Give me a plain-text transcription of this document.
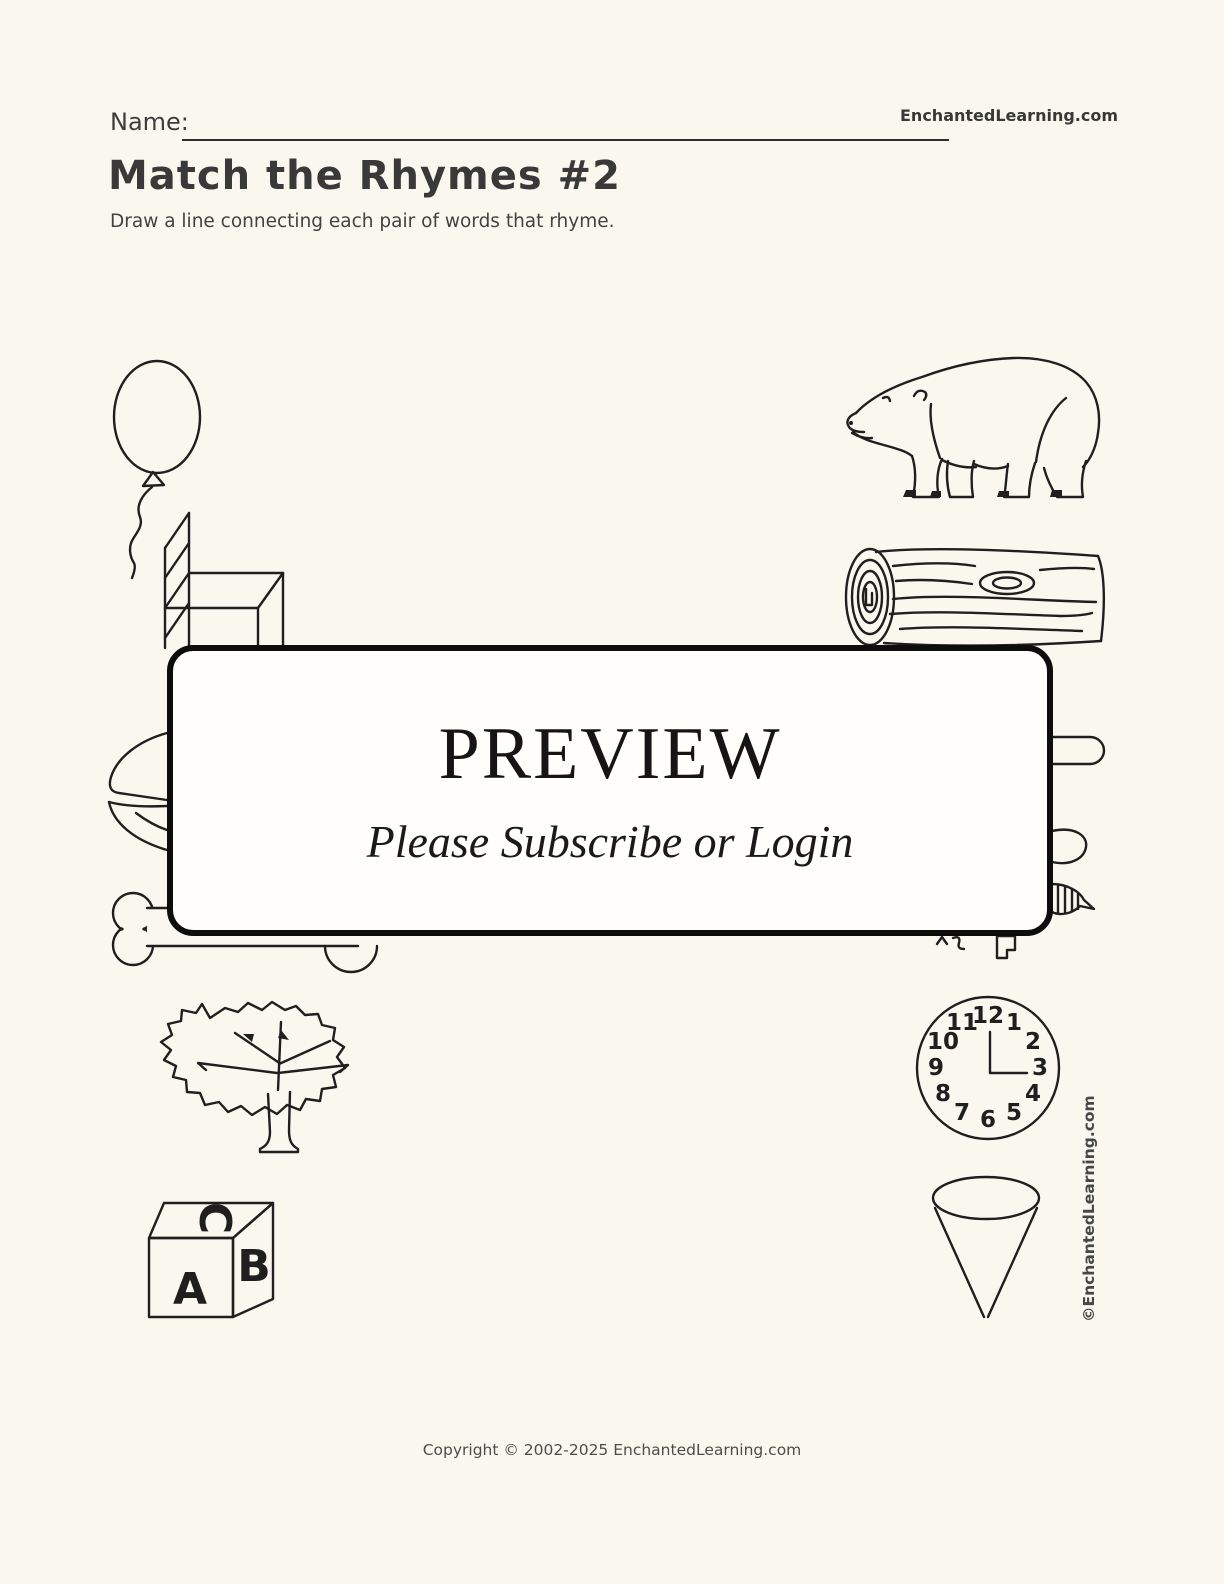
Name:	EnchantedLearning.com
Match the Rhymes #2
Draw a line connecting each pair of words that rhyme.
12 1
2
3
4
5
6
7
8
9
10
11
A B
C
PREVIEW
Please Subscribe or Login
©EnchantedLearning.com
Copyright © 2002-2025 EnchantedLearning.com
